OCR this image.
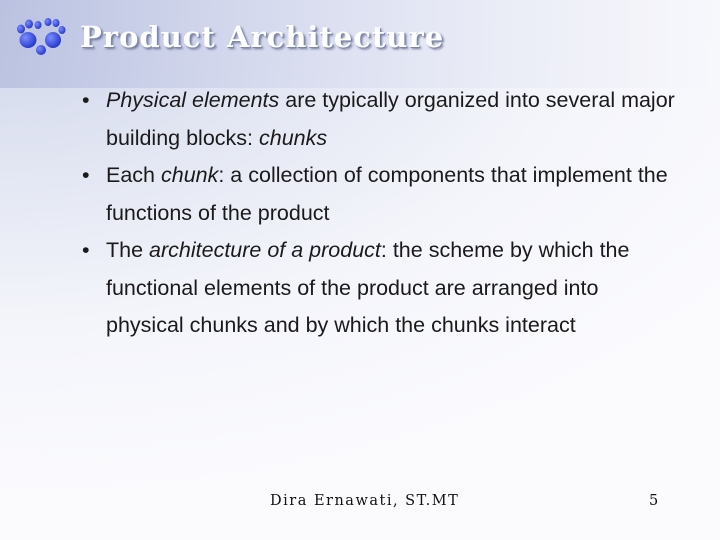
Product Architecture
• Physical elements are typically organized into several major building blocks: chunks
• Each chunk: a collection of components that implement the functions of the product
• The architecture of a product: the scheme by which the functional elements of the product are arranged into physical chunks and by which the chunks interact
Dira Ernawati, ST.MT	5
